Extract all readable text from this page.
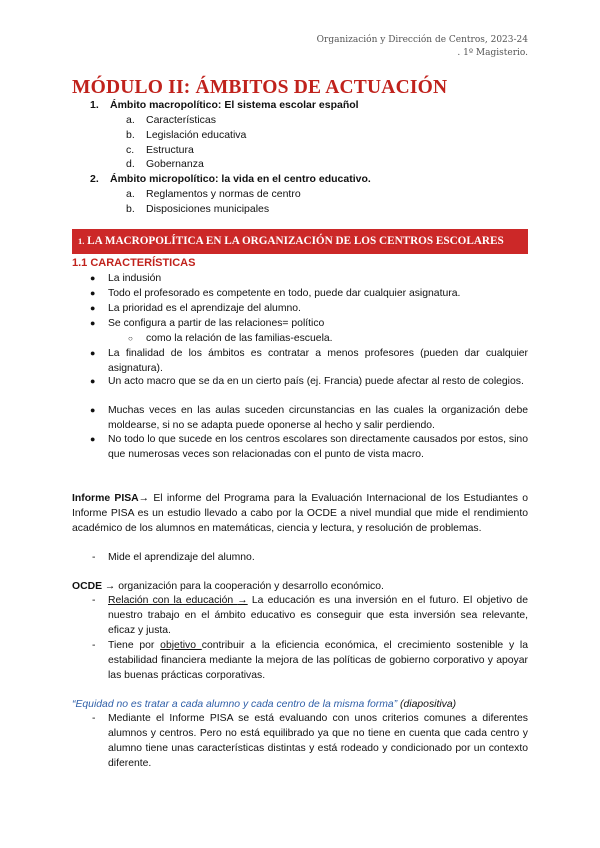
Organización y Dirección de Centros, 2023-24
. 1º Magisterio.
MÓDULO II: ÁMBITOS DE ACTUACIÓN
1. Ámbito macropolítico: El sistema escolar español
a. Características
b. Legislación educativa
c. Estructura
d. Gobernanza
2. Ámbito micropolítico: la vida en el centro educativo.
a. Reglamentos y normas de centro
b. Disposiciones municipales
1. LA MACROPOLÍTICA EN LA ORGANIZACIÓN DE LOS CENTROS ESCOLARES
1.1 CARACTERÍSTICAS
● La indusión
● Todo el profesorado es competente en todo, puede dar cualquier asignatura.
● La prioridad es el aprendizaje del alumno.
● Se configura a partir de las relaciones= político
○ como la relación de las familias-escuela.
● La finalidad de los ámbitos es contratar a menos profesores (pueden dar cualquier asignatura).
● Un acto macro que se da en un cierto país (ej. Francia) puede afectar al resto de colegios.
● Muchas veces en las aulas suceden circunstancias en las cuales la organización debe moldearse, si no se adapta puede oponerse al hecho y salir perdiendo.
● No todo lo que sucede en los centros escolares son directamente causados por estos, sino que numerosas veces son relacionadas con el punto de vista macro.
Informe PISA→ El informe del Programa para la Evaluación Internacional de los Estudiantes o Informe PISA es un estudio llevado a cabo por la OCDE a nivel mundial que mide el rendimiento académico de los alumnos en matemáticas, ciencia y lectura, y resolución de problemas.
- Mide el aprendizaje del alumno.
OCDE → organización para la cooperación y desarrollo económico.
- Relación con la educación → La educación es una inversión en el futuro. El objetivo de nuestro trabajo en el ámbito educativo es conseguir que esta inversión sea relevante, eficaz y justa.
- Tiene por objetivo contribuir a la eficiencia económica, el crecimiento sostenible y la estabilidad financiera mediante la mejora de las políticas de gobierno corporativo y apoyar las buenas prácticas corporativas.
“Equidad no es tratar a cada alumno y cada centro de la misma forma” (diapositiva)
- Mediante el Informe PISA se está evaluando con unos criterios comunes a diferentes alumnos y centros. Pero no está equilibrado ya que no tiene en cuenta que cada centro y alumno tiene unas características distintas y está rodeado y condicionado por un contexto diferente.
